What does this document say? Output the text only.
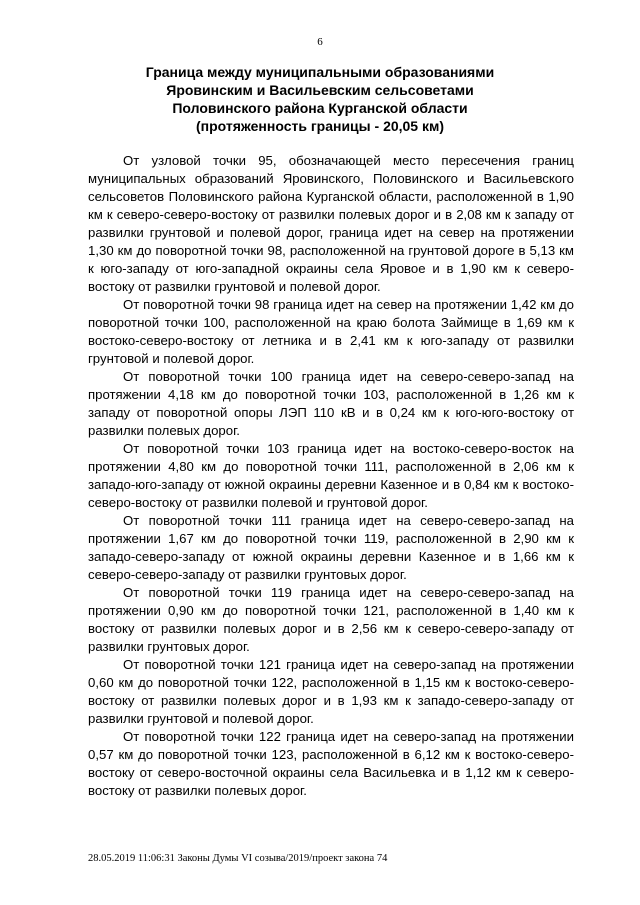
6
Граница между муниципальными образованиями
Яровинским и Васильевским сельсоветами
Половинского района Курганской области
(протяженность границы - 20,05 км)

От узловой точки 95, обозначающей место пересечения границ муниципальных образований Яровинского, Половинского и Васильевского сельсоветов Половинского района Курганской области, расположенной в 1,90 км к северо-северо-востоку от развилки полевых дорог и в 2,08 км к западу от развилки грунтовой и полевой дорог, граница идет на север на протяжении 1,30 км до поворотной точки 98, расположенной на грунтовой дороге в 5,13 км к юго-западу от юго-западной окраины села Яровое и в 1,90 км к северо-востоку от развилки грунтовой и полевой дорог.

От поворотной точки 98 граница идет на север на протяжении 1,42 км до поворотной точки 100, расположенной на краю болота Займище в 1,69 км к востоко-северо-востоку от летника и в 2,41 км к юго-западу от развилки грунтовой и полевой дорог.

От поворотной точки 100 граница идет на северо-северо-запад на протяжении 4,18 км до поворотной точки 103, расположенной в 1,26 км к западу от поворотной опоры ЛЭП 110 кВ и в 0,24 км к юго-юго-востоку от развилки полевых дорог.

От поворотной точки 103 граница идет на востоко-северо-восток на протяжении 4,80 км до поворотной точки 111, расположенной в 2,06 км к западо-юго-западу от южной окраины деревни Казенное и в 0,84 км к востоко-северо-востоку от развилки полевой и грунтовой дорог.

От поворотной точки 111 граница идет на северо-северо-запад на протяжении 1,67 км до поворотной точки 119, расположенной в 2,90 км к западо-северо-западу от южной окраины деревни Казенное и в 1,66 км к северо-северо-западу от развилки грунтовых дорог.

От поворотной точки 119 граница идет на северо-северо-запад на протяжении 0,90 км до поворотной точки 121, расположенной в 1,40 км к востоку от развилки полевых дорог и в 2,56 км к северо-северо-западу от развилки грунтовых дорог.

От поворотной точки 121 граница идет на северо-запад на протяжении 0,60 км до поворотной точки 122, расположенной в 1,15 км к востоко-северо-востоку от развилки полевых дорог и в 1,93 км к западо-северо-западу от развилки грунтовой и полевой дорог.

От поворотной точки 122 граница идет на северо-запад на протяжении 0,57 км до поворотной точки 123, расположенной в 6,12 км к востоко-северо-востоку от северо-восточной окраины села Васильевка и в 1,12 км к северо-востоку от развилки полевых дорог.

28.05.2019 11:06:31 Законы Думы VI созыва/2019/проект закона 74
